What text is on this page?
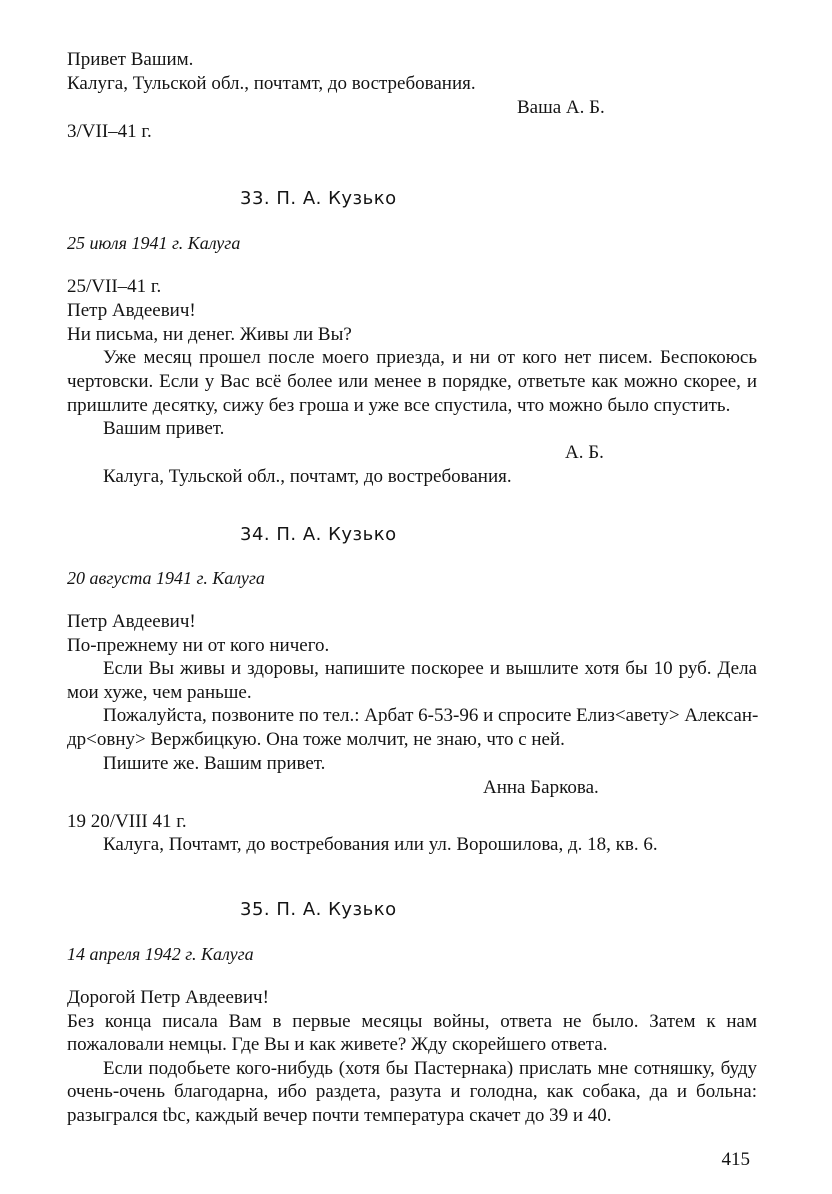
Привет Вашим.
Калуга, Тульской обл., почтамт, до востребования.
Ваша А. Б.
3/VII–41 г.
33. П. А. Кузько
25 июля 1941 г. Калуга
25/VII–41 г.
Петр Авдеевич!
Ни письма, ни денег. Живы ли Вы?
Уже месяц прошел после моего приезда, и ни от кого нет писем. Беспокоюсь
чертовски. Если у Вас всё более или менее в порядке, ответьте как можно скорее, и
пришлите десятку, сижу без гроша и уже все спустила, что можно было спустить.
Вашим привет.
А. Б.
Калуга, Тульской обл., почтамт, до востребования.
34. П. А. Кузько
20 августа 1941 г. Калуга
Петр Авдеевич!
По-прежнему ни от кого ничего.
Если Вы живы и здоровы, напишите поскорее и вышлите хотя бы 10 руб. Дела
мои хуже, чем раньше.
Пожалуйста, позвоните по тел.: Арбат 6-53-96 и спросите Елиз<авету> Алексан-
др<овну> Вержбицкую. Она тоже молчит, не знаю, что с ней.
Пишите же. Вашим привет.
Анна Баркова.
19 20/VIII 41 г.
Калуга, Почтамт, до востребования или ул. Ворошилова, д. 18, кв. 6.
35. П. А. Кузько
14 апреля 1942 г. Калуга
Дорогой Петр Авдеевич!
Без конца писала Вам в первые месяцы войны, ответа не было. Затем к нам
пожаловали немцы. Где Вы и как живете? Жду скорейшего ответа.
Если подобьете кого-нибудь (хотя бы Пастернака) прислать мне сотняшку, буду
очень-очень благодарна, ибо раздета, разута и голодна, как собака, да и больна:
разыгрался tbc, каждый вечер почти температура скачет до 39 и 40.
415
